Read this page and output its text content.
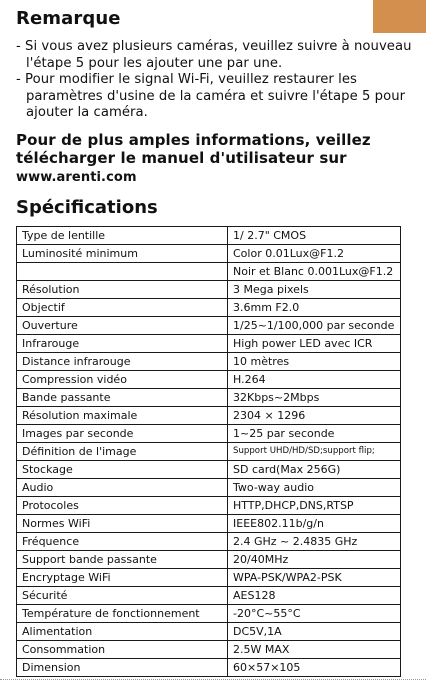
Remarque
- Si vous avez plusieurs caméras, veuillez suivre à nouveau l'étape 5 pour les ajouter une par une.
- Pour modifier le signal Wi-Fi, veuillez restaurer les paramètres d'usine de la caméra et suivre l'étape 5 pour ajouter la caméra.

Pour de plus amples informations, veillez télécharger le manuel d'utilisateur sur www.arenti.com

Spécifications
Type de lentille	1/ 2.7" CMOS
Luminosité minimum	Color 0.01Lux@F1.2
	Noir et Blanc 0.001Lux@F1.2
Résolution	3 Mega pixels
Objectif	3.6mm F2.0
Ouverture	1/25~1/100,000 par seconde
Infrarouge	High power LED avec ICR
Distance infrarouge	10 mètres
Compression vidéo	H.264
Bande passante	32Kbps~2Mbps
Résolution maximale	2304 × 1296
Images par seconde	1~25 par seconde
Définition de l'image	Support UHD/HD/SD;support flip;
Stockage	SD card(Max 256G)
Audio	Two-way audio
Protocoles	HTTP,DHCP,DNS,RTSP
Normes WiFi	IEEE802.11b/g/n
Fréquence	2.4 GHz ~ 2.4835 GHz
Support bande passante	20/40MHz
Encryptage WiFi	WPA-PSK/WPA2-PSK
Sécurité	AES128
Température de fonctionnement	-20°C~55°C
Alimentation	DC5V,1A
Consommation	2.5W MAX
Dimension	60×57×105
